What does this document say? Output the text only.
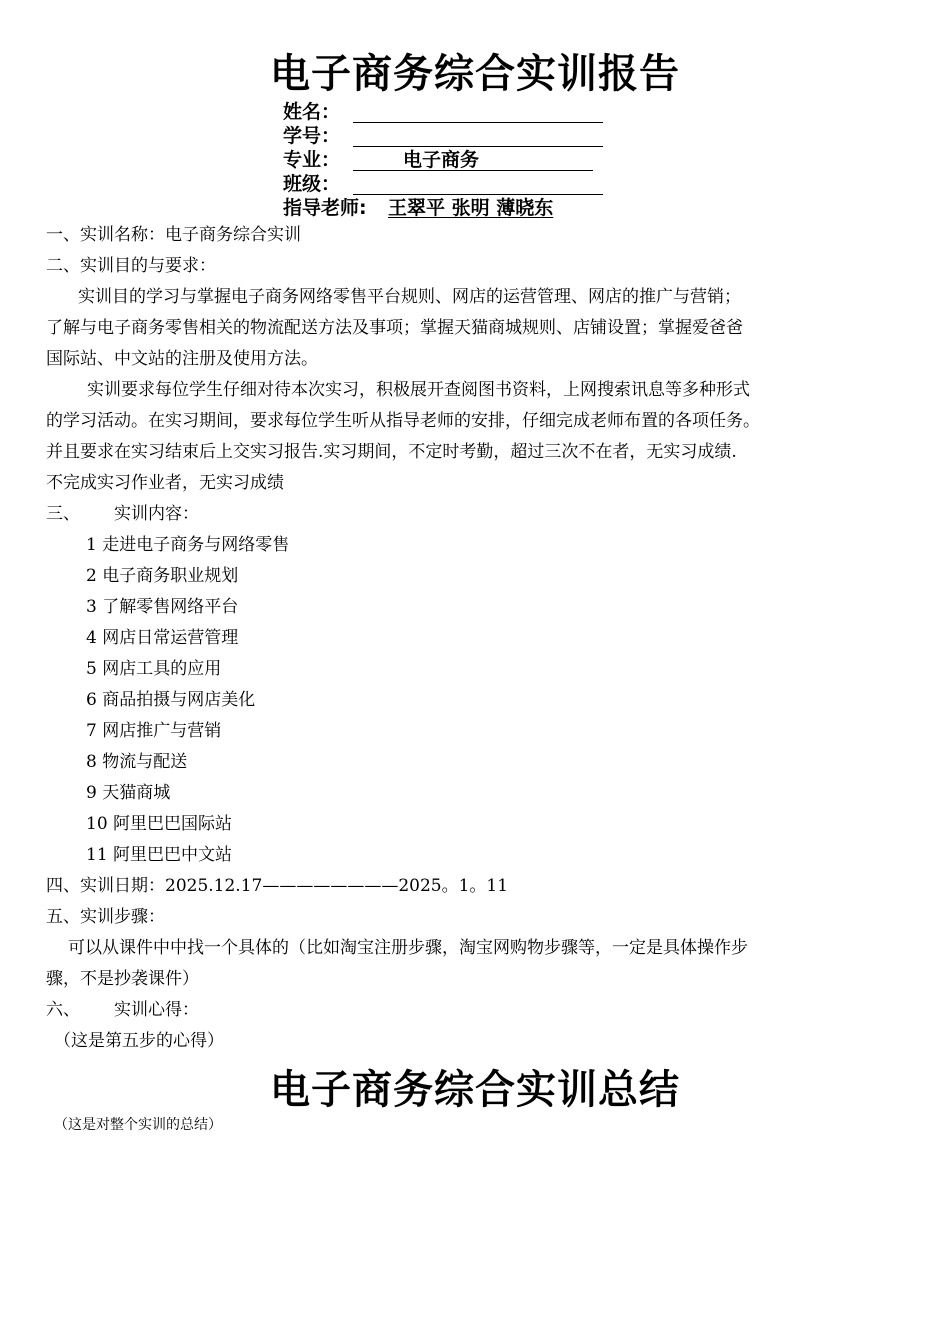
电子商务综合实训报告
姓名：
学号：
专业：	电子商务
班级：
指导老师: 王翠平 张明 薄晓东
一、实训名称：电子商务综合实训
二、实训目的与要求：
实训目的学习与掌握电子商务网络零售平台规则、网店的运营管理、网店的推广与营销；
了解与电子商务零售相关的物流配送方法及事项；掌握天猫商城规则、店铺设置；掌握爱爸爸
国际站、中文站的注册及使用方法。
实训要求每位学生仔细对待本次实习，积极展开查阅图书资料，上网搜索讯息等多种形式
的学习活动。在实习期间，要求每位学生听从指导老师的安排，仔细完成老师布置的各项任务。
并且要求在实习结束后上交实习报告.实习期间，不定时考勤，超过三次不在者，无实习成绩.
不完成实习作业者，无实习成绩
三、 实训内容：
1 走进电子商务与网络零售
2 电子商务职业规划
3 了解零售网络平台
4 网店日常运营管理
5 网店工具的应用
6 商品拍摄与网店美化
7 网店推广与营销
8 物流与配送
9 天猫商城
10 阿里巴巴国际站
11 阿里巴巴中文站
四、实训日期：2025.12.17————————2025。1。11
五、实训步骤：
可以从课件中中找一个具体的（比如淘宝注册步骤，淘宝网购物步骤等，一定是具体操作步
骤，不是抄袭课件）
六、 实训心得：
（这是第五步的心得）
电子商务综合实训总结
（这是对整个实训的总结）
